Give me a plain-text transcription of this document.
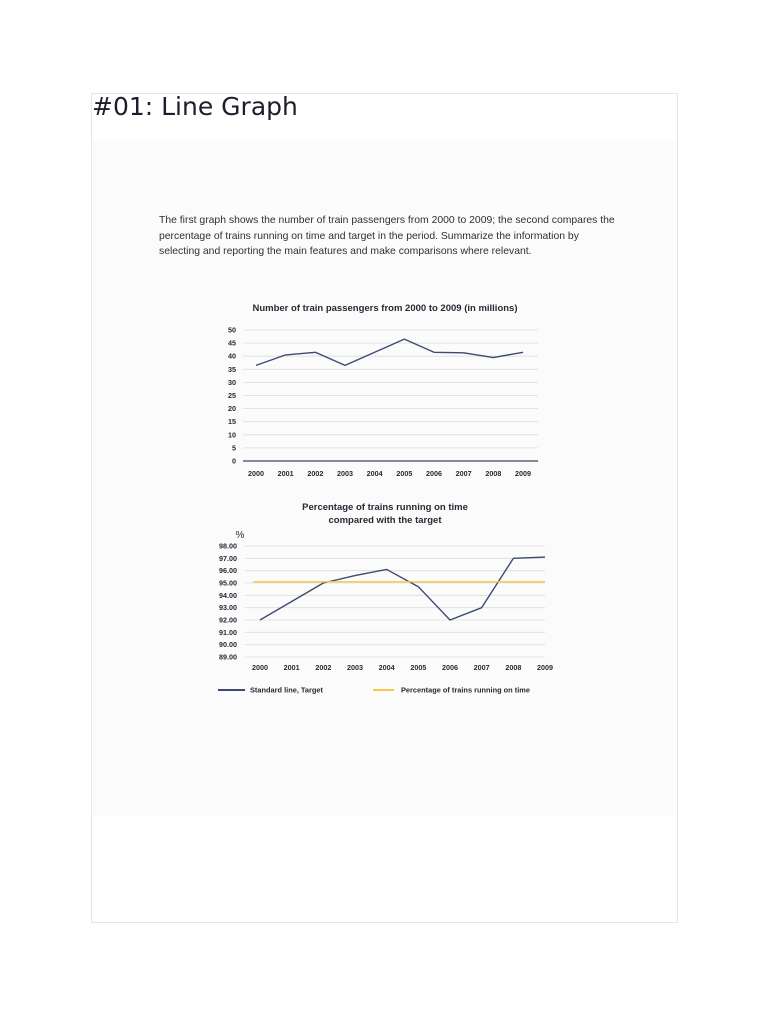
#01: Line Graph

The first graph shows the number of train passengers from 2000 to 2009; the second compares the percentage of trains running on time and target in the period. Summarize the information by selecting and reporting the main features and make comparisons where relevant.

Number of train passengers from 2000 to 2009 (in millions)
0
5
10
15
20
25
30
35
40
45
50
2000 2001 2002 2003 2004 2005 2006 2007 2008 2009
Percentage of trains running on time
compared with the target
%
89.00
90.00
91.00
92.00
93.00
94.00
95.00
96.00
97.00
98.00
2000 2001 2002 2003 2004 2005 2006 2007 2008 2009
Standard line, Target	Percentage of trains running on time
